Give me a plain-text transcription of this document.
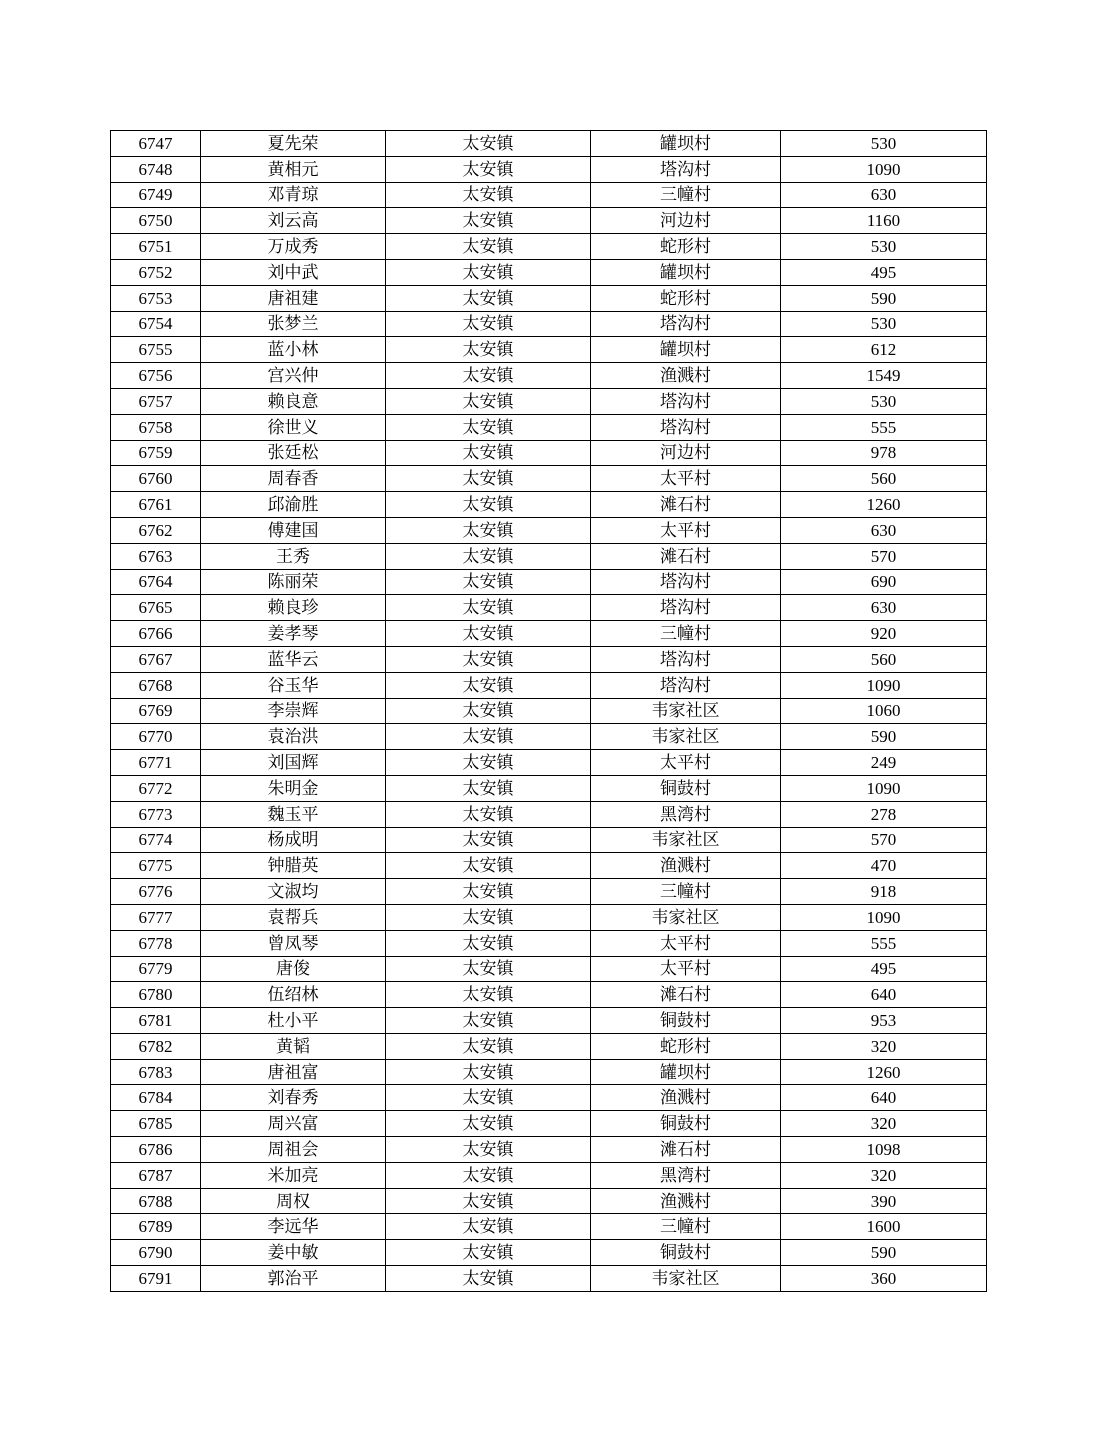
6747	夏先荣	太安镇	罐坝村	530
6748	黄相元	太安镇	塔沟村	1090
6749	邓青琼	太安镇	三幢村	630
6750	刘云高	太安镇	河边村	1160
6751	万成秀	太安镇	蛇形村	530
6752	刘中武	太安镇	罐坝村	495
6753	唐祖建	太安镇	蛇形村	590
6754	张梦兰	太安镇	塔沟村	530
6755	蓝小林	太安镇	罐坝村	612
6756	宫兴仲	太安镇	渔溅村	1549
6757	赖良意	太安镇	塔沟村	530
6758	徐世义	太安镇	塔沟村	555
6759	张廷松	太安镇	河边村	978
6760	周春香	太安镇	太平村	560
6761	邱渝胜	太安镇	滩石村	1260
6762	傅建国	太安镇	太平村	630
6763	王秀	太安镇	滩石村	570
6764	陈丽荣	太安镇	塔沟村	690
6765	赖良珍	太安镇	塔沟村	630
6766	姜孝琴	太安镇	三幢村	920
6767	蓝华云	太安镇	塔沟村	560
6768	谷玉华	太安镇	塔沟村	1090
6769	李崇辉	太安镇	韦家社区	1060
6770	袁治洪	太安镇	韦家社区	590
6771	刘国辉	太安镇	太平村	249
6772	朱明金	太安镇	铜鼓村	1090
6773	魏玉平	太安镇	黑湾村	278
6774	杨成明	太安镇	韦家社区	570
6775	钟腊英	太安镇	渔溅村	470
6776	文淑均	太安镇	三幢村	918
6777	袁帮兵	太安镇	韦家社区	1090
6778	曾凤琴	太安镇	太平村	555
6779	唐俊	太安镇	太平村	495
6780	伍绍林	太安镇	滩石村	640
6781	杜小平	太安镇	铜鼓村	953
6782	黄韬	太安镇	蛇形村	320
6783	唐祖富	太安镇	罐坝村	1260
6784	刘春秀	太安镇	渔溅村	640
6785	周兴富	太安镇	铜鼓村	320
6786	周祖会	太安镇	滩石村	1098
6787	米加亮	太安镇	黑湾村	320
6788	周权	太安镇	渔溅村	390
6789	李远华	太安镇	三幢村	1600
6790	姜中敏	太安镇	铜鼓村	590
6791	郭治平	太安镇	韦家社区	360
